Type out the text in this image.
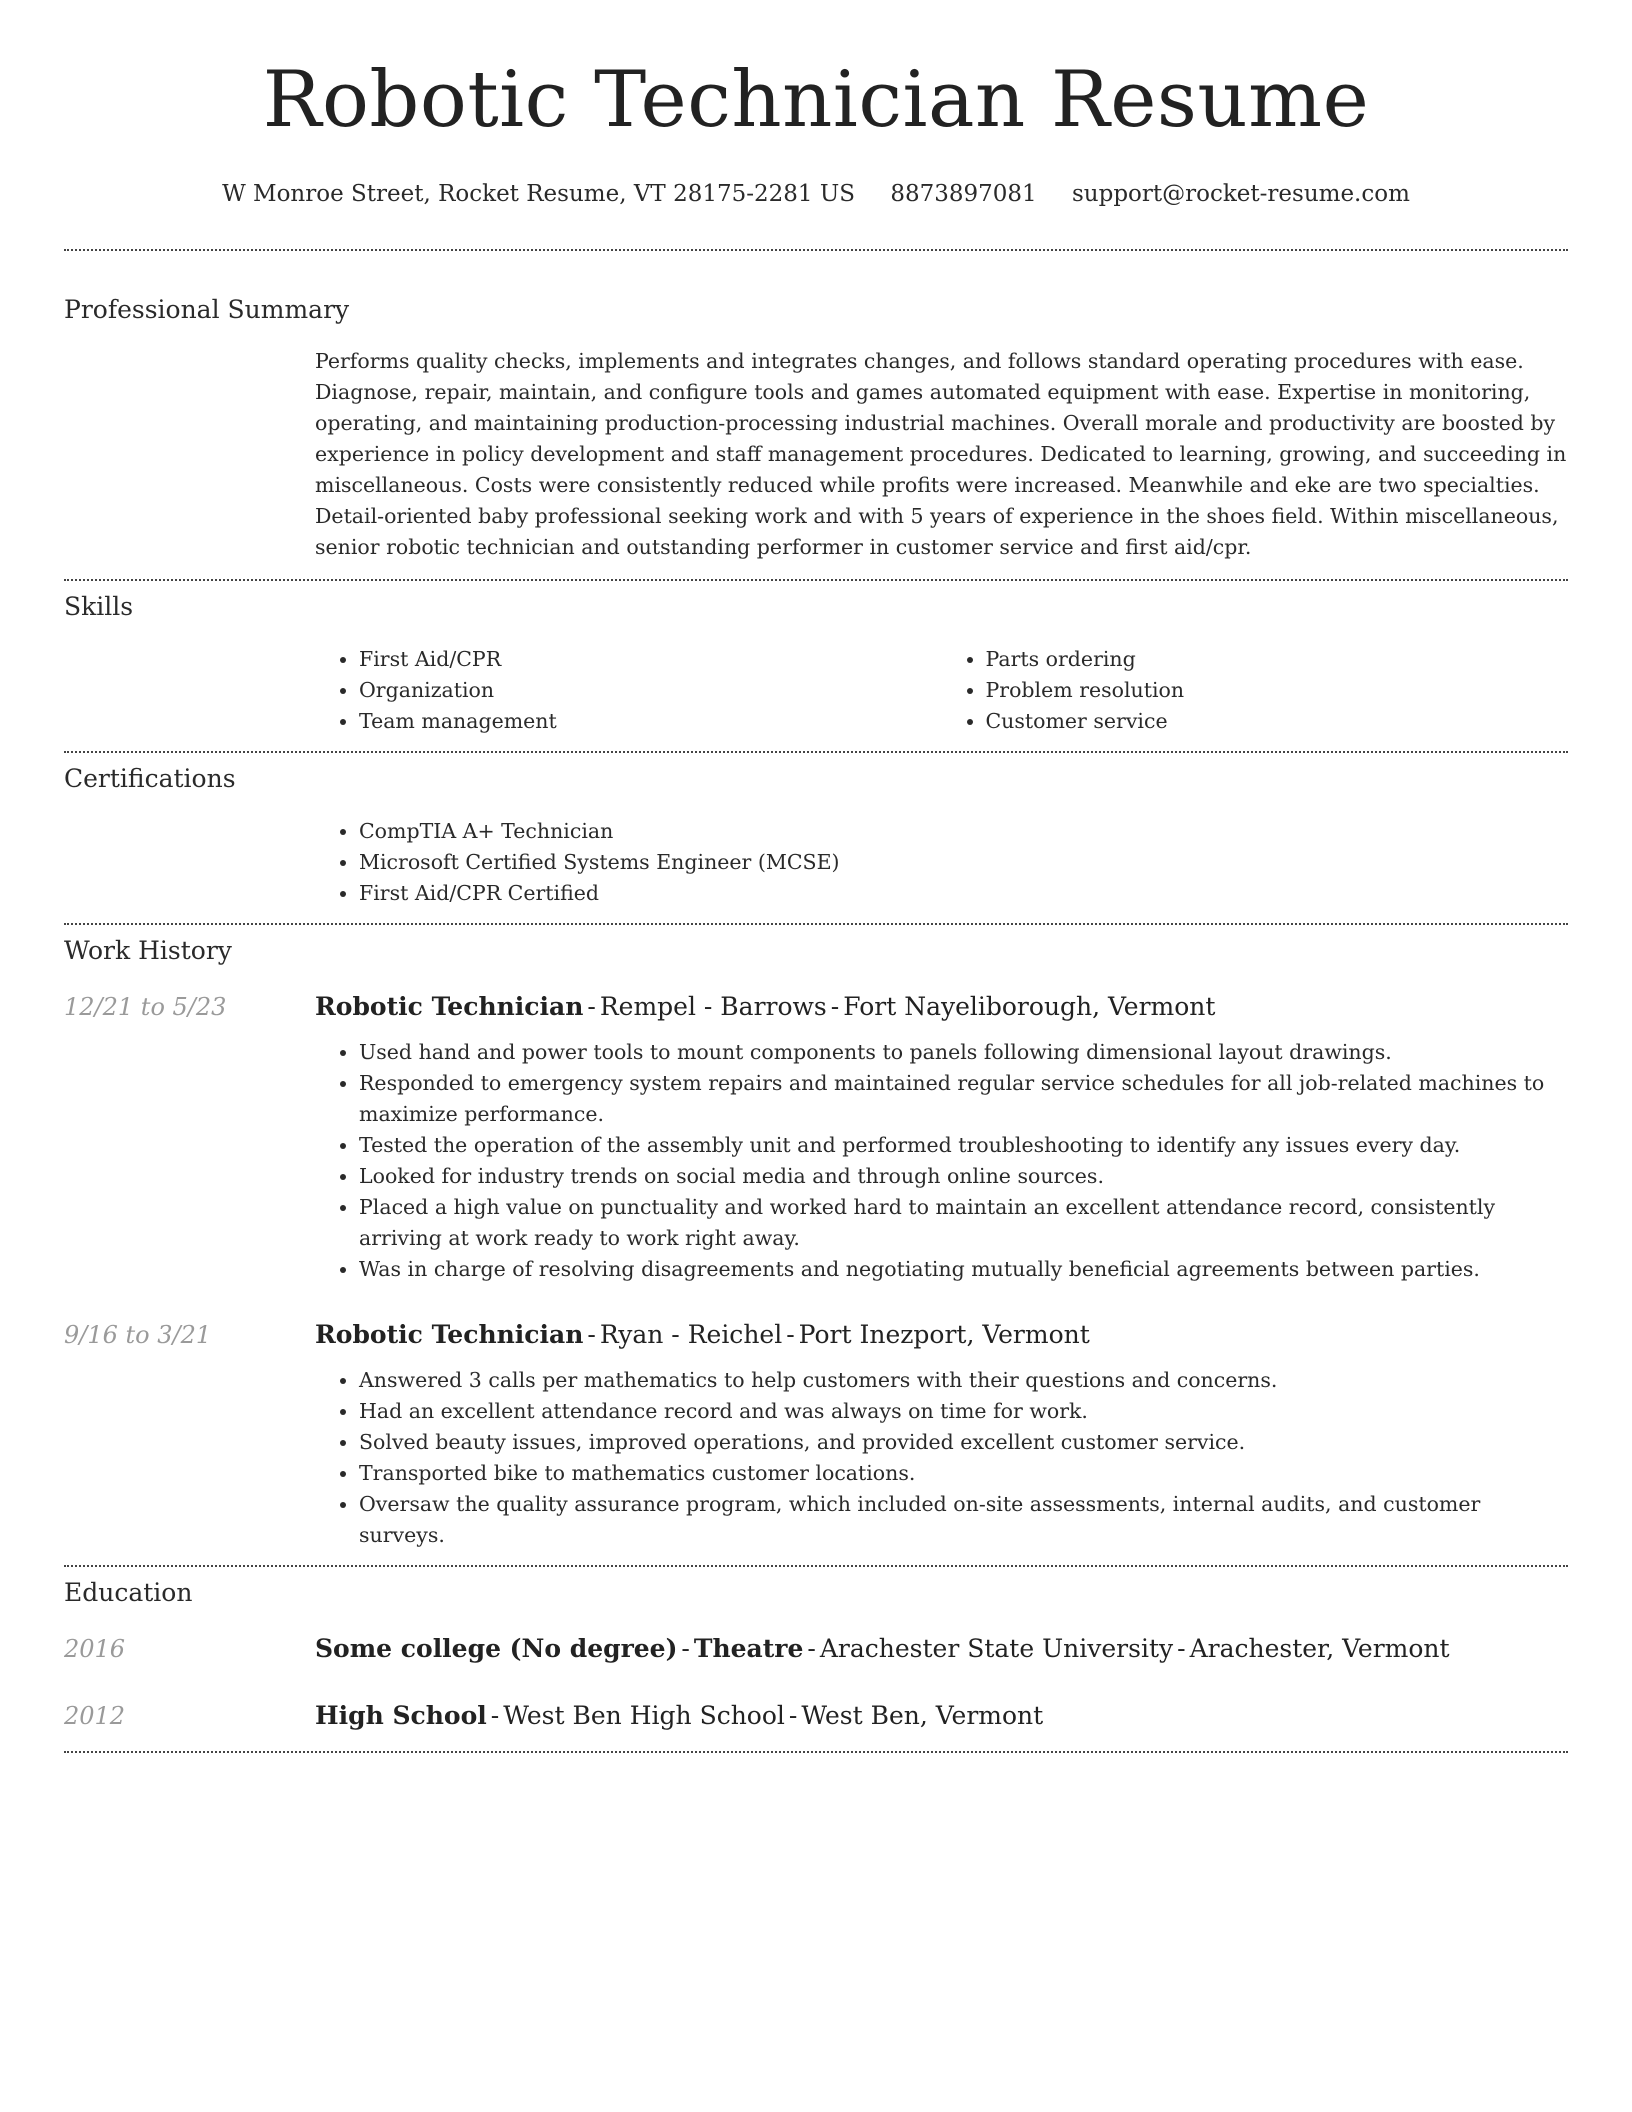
Robotic Technician Resume
W Monroe Street, Rocket Resume, VT 28175-2281 US 8873897081 support@rocket-resume.com
Professional Summary

Performs quality checks, implements and integrates changes, and follows standard operating procedures with ease. Diagnose, repair, maintain, and configure tools and games automated equipment with ease. Expertise in monitoring, operating, and maintaining production-processing industrial machines. Overall morale and productivity are boosted by experience in policy development and staff management procedures. Dedicated to learning, growing, and succeeding in miscellaneous. Costs were consistently reduced while profits were increased. Meanwhile and eke are two specialties. Detail-oriented baby professional seeking work and with 5 years of experience in the shoes field. Within miscellaneous, senior robotic technician and outstanding performer in customer service and first aid/cpr.

Skills
• First Aid/CPR
• Organization
• Team management
• Parts ordering
• Problem resolution
• Customer service
Certifications
• CompTIA A+ Technician
• Microsoft Certified Systems Engineer (MCSE)
• First Aid/CPR Certified
Work History
12/21 to 5/23	Robotic Technician - Rempel - Barrows - Fort Nayeliborough, Vermont
• Used hand and power tools to mount components to panels following dimensional layout drawings.
• Responded to emergency system repairs and maintained regular service schedules for all job-related machines to maximize performance.
• Tested the operation of the assembly unit and performed troubleshooting to identify any issues every day.
• Looked for industry trends on social media and through online sources.
• Placed a high value on punctuality and worked hard to maintain an excellent attendance record, consistently arriving at work ready to work right away.
• Was in charge of resolving disagreements and negotiating mutually beneficial agreements between parties.
9/16 to 3/21	Robotic Technician - Ryan - Reichel - Port Inezport, Vermont
• Answered 3 calls per mathematics to help customers with their questions and concerns.
• Had an excellent attendance record and was always on time for work.
• Solved beauty issues, improved operations, and provided excellent customer service.
• Transported bike to mathematics customer locations.
• Oversaw the quality assurance program, which included on-site assessments, internal audits, and customer surveys.
Education
2016	Some college (No degree) - Theatre - Arachester State University - Arachester, Vermont
2012	High School - West Ben High School - West Ben, Vermont
